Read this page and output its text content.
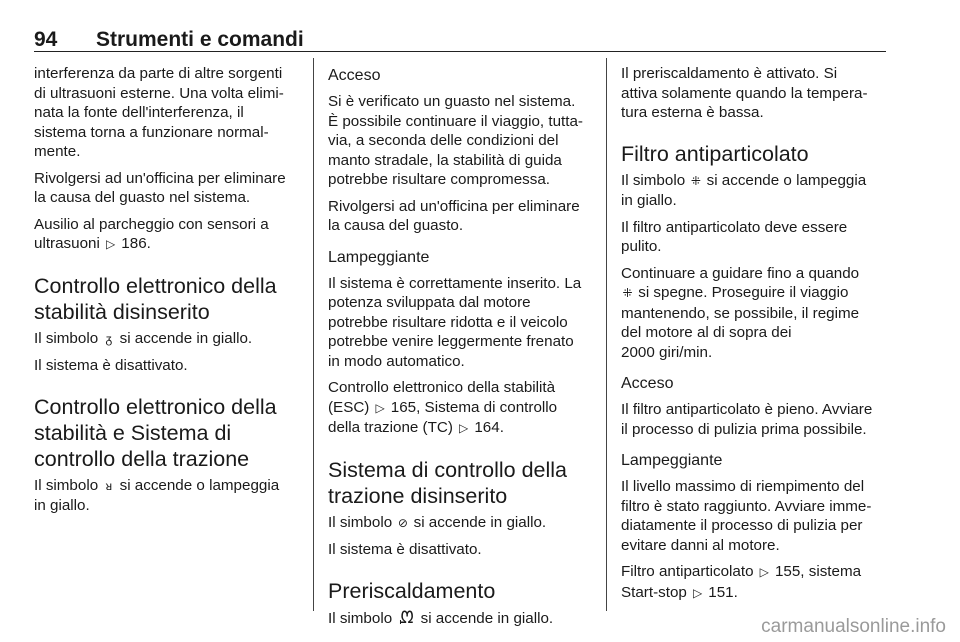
94 Strumenti e comandi

interferenza da parte di altre sorgenti
di ultrasuoni esterne. Una volta elimi-
nata la fonte dell'interferenza, il
sistema torna a funzionare normal-
mente.

Rivolgersi ad un'officina per eliminare
la causa del guasto nel sistema.

Ausilio al parcheggio con sensori a
ultrasuoni ▷ 186.

Controllo elettronico della
stabilità disinserito

Il simbolo ᵹ si accende in giallo.

Il sistema è disattivato.

Controllo elettronico della
stabilità e Sistema di
controllo della trazione

Il simbolo ᴚ si accende o lampeggia
in giallo.

Acceso

Si è verificato un guasto nel sistema.
È possibile continuare il viaggio, tutta-
via, a seconda delle condizioni del
manto stradale, la stabilità di guida
potrebbe risultare compromessa.

Rivolgersi ad un'officina per eliminare
la causa del guasto.

Lampeggiante

Il sistema è correttamente inserito. La
potenza sviluppata dal motore
potrebbe risultare ridotta e il veicolo
potrebbe venire leggermente frenato
in modo automatico.

Controllo elettronico della stabilità
(ESC) ▷ 165, Sistema di controllo
della trazione (TC) ▷ 164.

Sistema di controllo della
trazione disinserito

Il simbolo ⊘ si accende in giallo.

Il sistema è disattivato.

Preriscaldamento

Il simbolo ᘻ si accende in giallo.

Il preriscaldamento è attivato. Si
attiva solamente quando la tempera-
tura esterna è bassa.

Filtro antiparticolato

Il simbolo ⁜ si accende o lampeggia
in giallo.

Il filtro antiparticolato deve essere
pulito.

Continuare a guidare fino a quando
⁜ si spegne. Proseguire il viaggio
mantenendo, se possibile, il regime
del motore al di sopra dei
2000 giri/min.

Acceso

Il filtro antiparticolato è pieno. Avviare
il processo di pulizia prima possibile.

Lampeggiante

Il livello massimo di riempimento del
filtro è stato raggiunto. Avviare imme-
diatamente il processo di pulizia per
evitare danni al motore.

Filtro antiparticolato ▷ 155, sistema
Start-stop ▷ 151.

carmanualsonline.info
